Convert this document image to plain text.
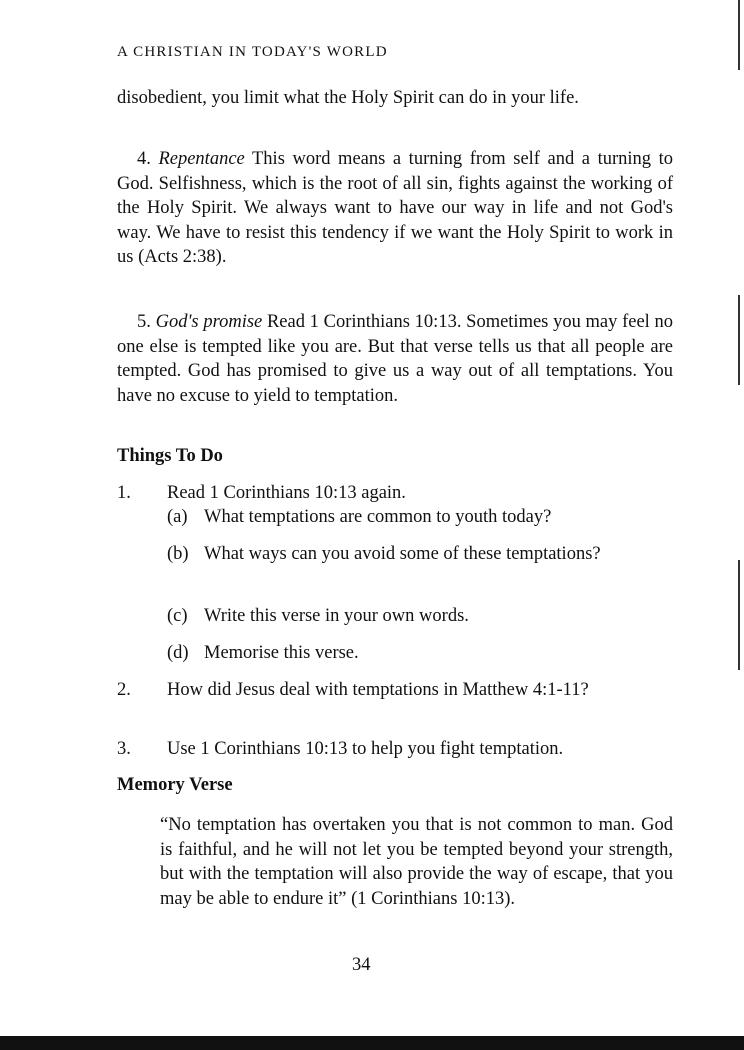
A CHRISTIAN IN TODAY'S WORLD

disobedient, you limit what the Holy Spirit can do in your life.

4. Repentance This word means a turning from self and a turning to God. Selfishness, which is the root of all sin, fights against the working of the Holy Spirit. We always want to have our way in life and not God's way. We have to resist this tendency if we want the Holy Spirit to work in us (Acts 2:38).

5. God's promise Read 1 Corinthians 10:13. Sometimes you may feel no one else is tempted like you are. But that verse tells us that all people are tempted. God has promised to give us a way out of all temptations. You have no excuse to yield to temptation.

Things To Do
1. Read 1 Corinthians 10:13 again.
(a) What temptations are common to youth today?
(b) What ways can you avoid some of these temptations?
(c) Write this verse in your own words.
(d) Memorise this verse.
2. How did Jesus deal with temptations in Matthew 4:1-11?
3. Use 1 Corinthians 10:13 to help you fight temptation.
Memory Verse
“No temptation has overtaken you that is not common to man. God is faithful, and he will not let you be tempted beyond your strength, but with the temptation will also provide the way of escape, that you may be able to endure it” (1 Corinthians 10:13).
34
